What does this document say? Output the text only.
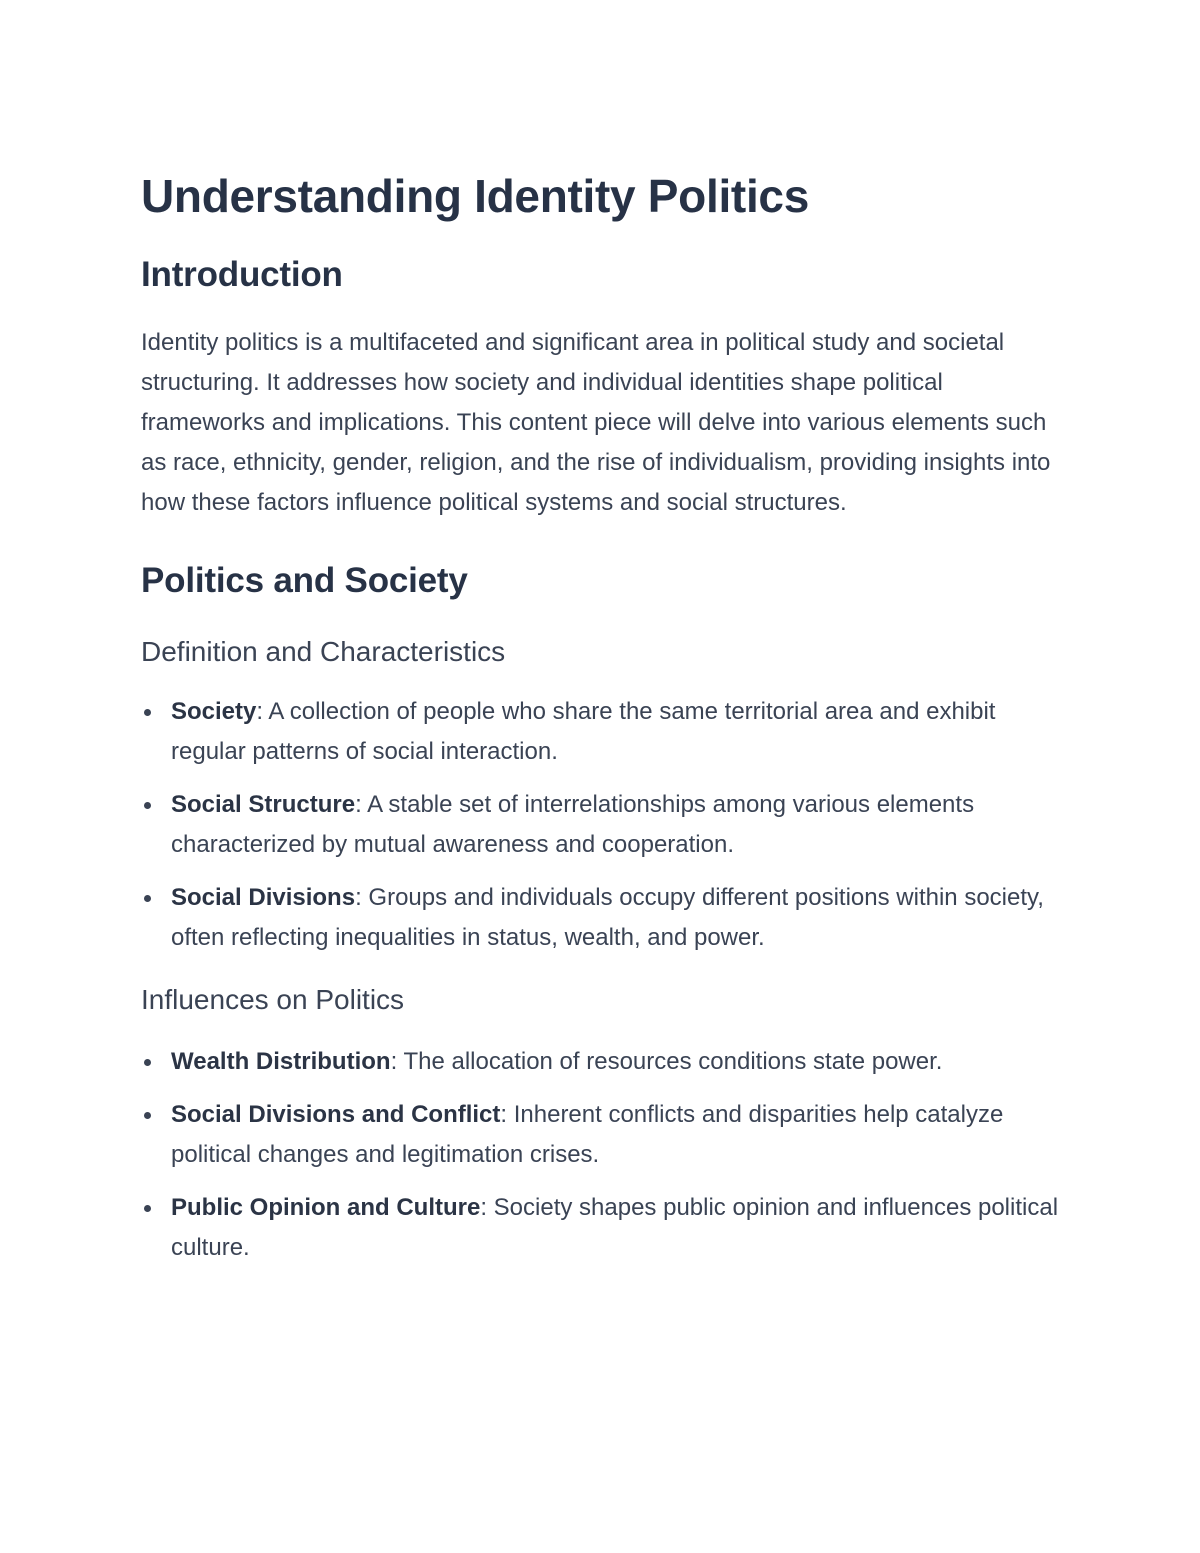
Understanding Identity Politics
Introduction

Identity politics is a multifaceted and significant area in political study and societal structuring. It addresses how society and individual identities shape political frameworks and implications. This content piece will delve into various elements such as race, ethnicity, gender, religion, and the rise of individualism, providing insights into how these factors influence political systems and social structures.

Politics and Society
Definition and Characteristics
Society: A collection of people who share the same territorial area and exhibit regular patterns of social interaction.
Social Structure: A stable set of interrelationships among various elements characterized by mutual awareness and cooperation.
Social Divisions: Groups and individuals occupy different positions within society, often reflecting inequalities in status, wealth, and power.
Influences on Politics
Wealth Distribution: The allocation of resources conditions state power.
Social Divisions and Conflict: Inherent conflicts and disparities help catalyze political changes and legitimation crises.
Public Opinion and Culture: Society shapes public opinion and influences political culture.
